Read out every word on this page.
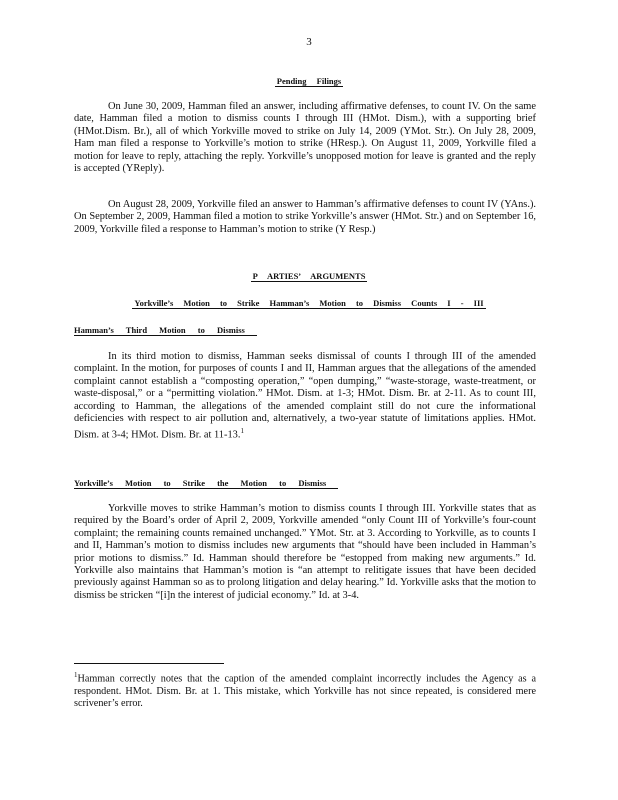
3
Pending Filings

On June 30, 2009, Hamman filed an answer, including affirmative defenses, to count IV. On the same date, Hamman filed a motion to dismiss counts I through III (HMot. Dism.), with a supporting brief (HMot.Dism. Br.), all of which Yorkville moved to strike on July 14, 2009 (YMot. Str.). On July 28, 2009, Ham man filed a response to Yorkville’s motion to strike (HResp.). On August 11, 2009, Yorkville filed a motion for leave to reply, attaching the reply. Yorkville’s unopposed motion for leave is granted and the reply is accepted (YReply).

On August 28, 2009, Yorkville filed an answer to Hamman’s affirmative defenses to count IV (YAns.). On September 2, 2009, Hamman filed a motion to strike Yorkville’s answer (HMot. Str.) and on September 16, 2009, Yorkville filed a response to Hamman’s motion to strike (Y Resp.)

P ARTIES’ ARGUMENTS
Yorkville’s Motion to Strike Hamman’s Motion to Dismiss Counts I - III
Hamman’s Third Motion to Dismiss

In its third motion to dismiss, Hamman seeks dismissal of counts I through III of the amended complaint. In the motion, for purposes of counts I and II, Hamman argues that the allegations of the amended complaint cannot establish a “composting operation,” “open dumping,” “waste-storage, waste-treatment, or waste-disposal,” or a “permitting violation.” HMot. Dism. at 1-3; HMot. Dism. Br. at 2-11. As to count III, according to Hamman, the allegations of the amended complaint still do not cure the informational deficiencies with respect to air pollution and, alternatively, a two-year statute of limitations applies. HMot. Dism. at 3-4; HMot. Dism. Br. at 11-13.$^1$

Yorkville’s Motion to Strike the Motion to Dismiss

Yorkville moves to strike Hamman’s motion to dismiss counts I through III. Yorkville states that as required by the Board’s order of April 2, 2009, Yorkville amended “only Count III of Yorkville’s four-count complaint; the remaining counts remained unchanged.” YMot. Str. at 3. According to Yorkville, as to counts I and II, Hamman’s motion to dismiss includes new arguments that “should have been included in Hamman’s prior motions to dismiss.” Id. Hamman should therefore be “estopped from making new arguments.” Id. Yorkville also maintains that Hamman’s motion is “an attempt to relitigate issues that have been decided previously against Hamman so as to prolong litigation and delay hearing.” Id. Yorkville asks that the motion to dismiss be stricken “[i]n the interest of judicial economy.” Id. at 3-4.

$^1$Hamman correctly notes that the caption of the amended complaint incorrectly includes the Agency as a respondent. HMot. Dism. Br. at 1. This mistake, which Yorkville has not since repeated, is considered mere scrivener’s error.
